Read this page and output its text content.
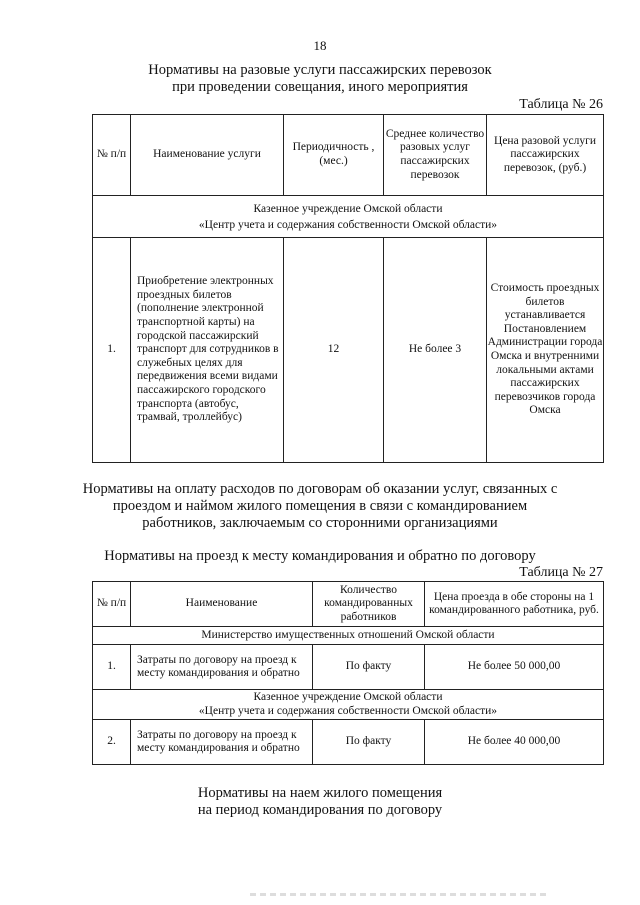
18
Нормативы на разовые услуги пассажирских перевозок
при проведении совещания, иного мероприятия
Таблица № 26
№ п/п	Наименование услуги	Периодичность , (мес.)	Среднее количество разовых услуг пассажирских перевозок	Цена разовой услуги пассажирских перевозок, (руб.)

Казенное учреждение Омской области
«Центр учета и содержания собственности Омской области»				

1.	Приобретение электронных проездных билетов (пополнение электронной транспортной карты) на городской пассажирский транспорт для сотрудников в служебных целях для передвижения всеми видами пассажирского городского транспорта (автобус, трамвай, троллейбус)	12	Не более 3	Стоимость проездных билетов устанавливается Постановлением Администрации города Омска и внутренними локальными актами пассажирских перевозчиков города Омска
Нормативы на оплату расходов по договорам об оказании услуг, связанных с
проездом и наймом жилого помещения в связи с командированием
работников, заключаемым со сторонними организациями
Нормативы на проезд к месту командирования и обратно по договору
Таблица № 27
№ п/п	Наименование	Количество командированных работников	Цена проезда в обе стороны на 1 командированного работника, руб.
Министерство имущественных отношений Омской области			
1.	Затраты по договору на проезд к месту командирования и обратно	По факту	Не более 50 000,00

Казенное учреждение Омской области
«Центр учета и содержания собственности Омской области»			

2.	Затраты по договору на проезд к месту командирования и обратно	По факту	Не более 40 000,00
Нормативы на наем жилого помещения
на период командирования по договору
